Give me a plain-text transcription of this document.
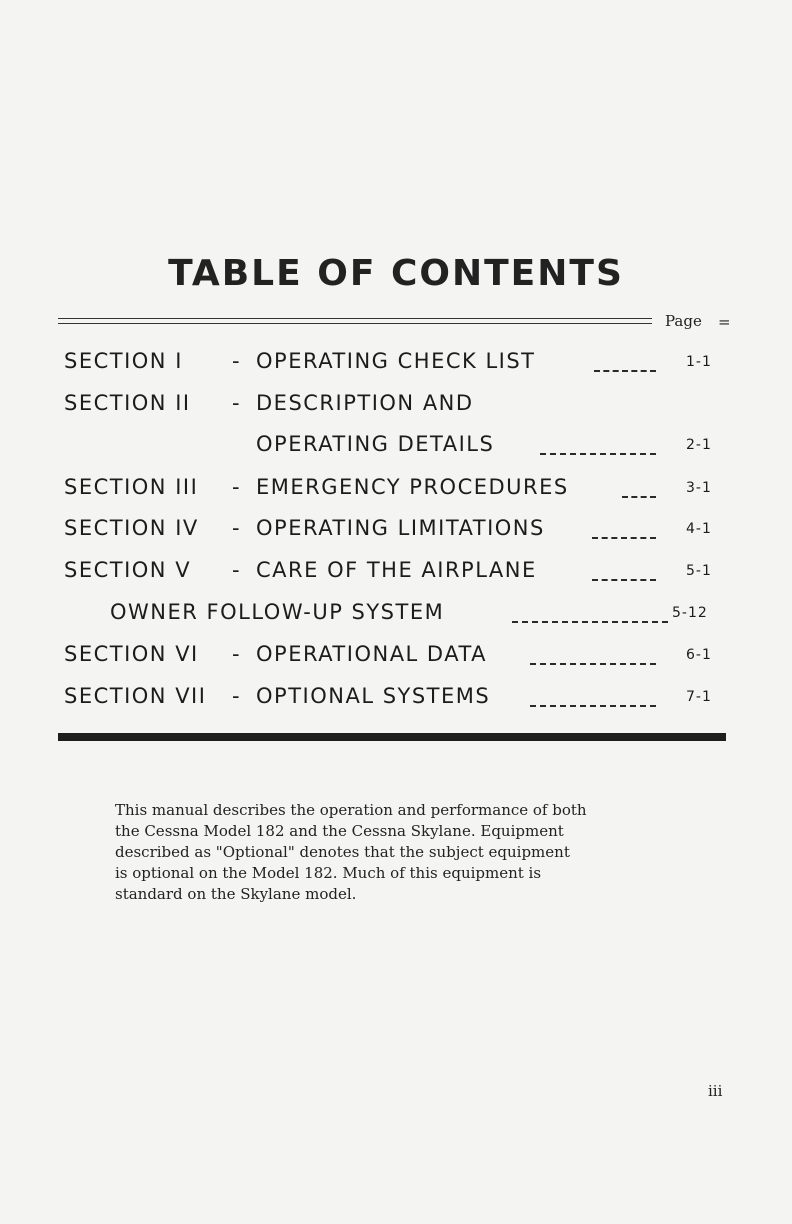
TABLE OF CONTENTS
Page =
SECTION I - OPERATING CHECK LIST	1-1
SECTION II - DESCRIPTION AND
OPERATING DETAILS	2-1
SECTION III - EMERGENCY PROCEDURES	3-1
SECTION IV - OPERATING LIMITATIONS	4-1
SECTION V - CARE OF THE AIRPLANE	5-1
OWNER FOLLOW-UP SYSTEM	5-12
SECTION VI - OPERATIONAL DATA	6-1
SECTION VII - OPTIONAL SYSTEMS	7-1
This manual describes the operation and performance of both
the Cessna Model 182 and the Cessna Skylane. Equipment
described as "Optional" denotes that the subject equipment
is optional on the Model 182. Much of this equipment is
standard on the Skylane model.
iii
